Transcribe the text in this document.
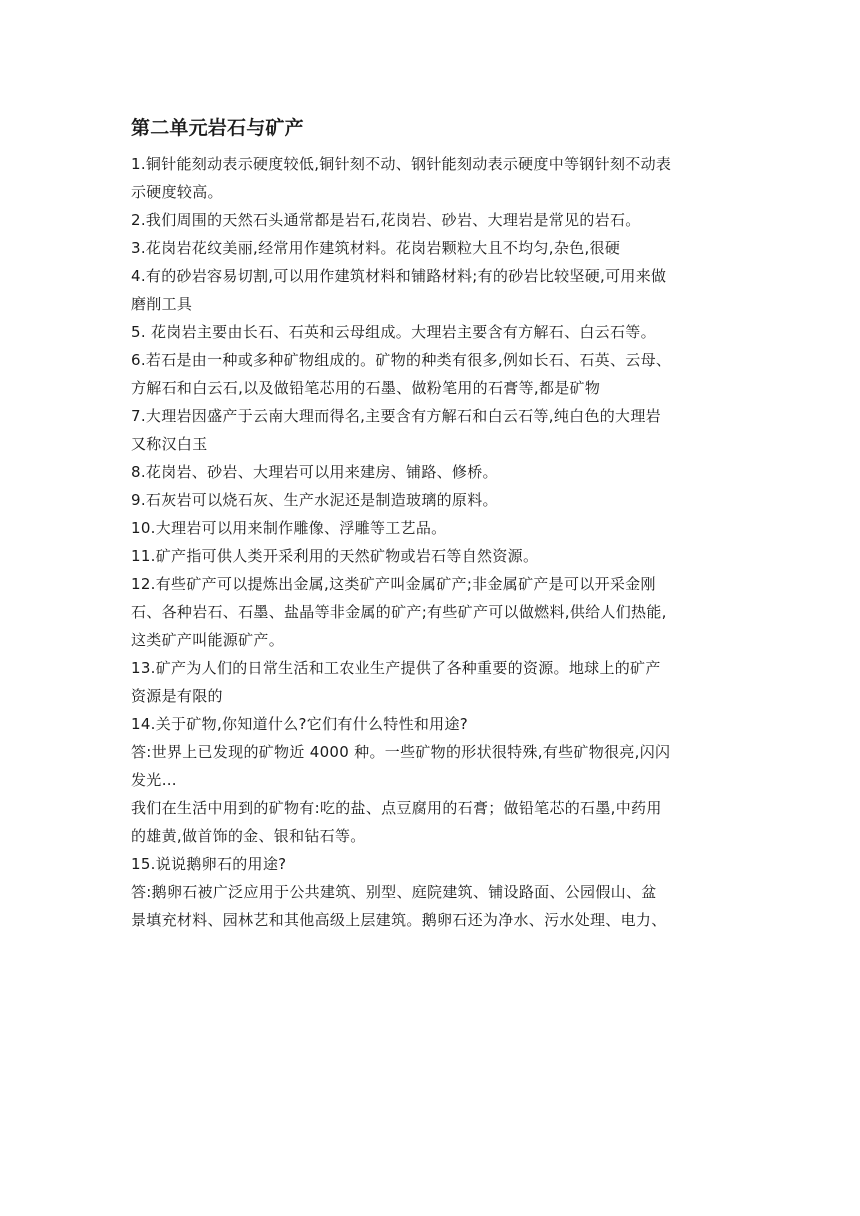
第二单元岩石与矿产

1.铜针能刻动表示硬度较低,铜针刻不动、钢针能刻动表示硬度中等钢针刻不动表
示硬度较高。

2.我们周围的天然石头通常都是岩石,花岗岩、砂岩、大理岩是常见的岩石。

3.花岗岩花纹美丽,经常用作建筑材料。花岗岩颗粒大且不均匀,杂色,很硬

4.有的砂岩容易切割,可以用作建筑材料和铺路材料;有的砂岩比较坚硬,可用来做
磨削工具

5. 花岗岩主要由长石、石英和云母组成。大理岩主要含有方解石、白云石等。

6.若石是由一种或多种矿物组成的。矿物的种类有很多,例如长石、石英、云母、
方解石和白云石,以及做铅笔芯用的石墨、做粉笔用的石膏等,都是矿物

7.大理岩因盛产于云南大理而得名,主要含有方解石和白云石等,纯白色的大理岩
又称汉白玉

8.花岗岩、砂岩、大理岩可以用来建房、铺路、修桥。

9.石灰岩可以烧石灰、生产水泥还是制造玻璃的原料。

10.大理岩可以用来制作雕像、浮雕等工艺品。

11.矿产指可供人类开采利用的天然矿物或岩石等自然资源。

12.有些矿产可以提炼出金属,这类矿产叫金属矿产;非金属矿产是可以开采金刚
石、各种岩石、石墨、盐晶等非金属的矿产;有些矿产可以做燃料,供给人们热能,
这类矿产叫能源矿产。

13.矿产为人们的日常生活和工农业生产提供了各种重要的资源。地球上的矿产
资源是有限的

14.关于矿物,你知道什么?它们有什么特性和用途?

答:世界上已发现的矿物近 4000 种。一些矿物的形状很特殊,有些矿物很亮,闪闪
发光…

我们在生活中用到的矿物有:吃的盐、点豆腐用的石膏；做铅笔芯的石墨,中药用
的雄黄,做首饰的金、银和钻石等。

15.说说鹅卵石的用途?

答:鹅卵石被广泛应用于公共建筑、别型、庭院建筑、铺设路面、公园假山、盆
景填充材料、园林艺和其他高级上层建筑。鹅卵石还为净水、污水处理、电力、
